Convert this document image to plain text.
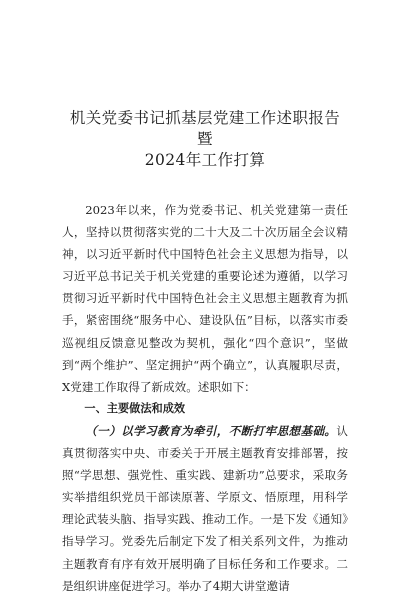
机关党委书记抓基层党建工作述职报告暨
2024年工作打算

2023年以来，作为党委书记、机关党建第一责任人，坚持以贯彻落实党的二十大及二十次历届全会议精神，以习近平新时代中国特色社会主义思想为指导，以习近平总书记关于机关党建的重要论述为遵循，以学习贯彻习近平新时代中国特色社会主义思想主题教育为抓手，紧密围绕“服务中心、建设队伍”目标，以落实市委巡视组反馈意见整改为契机，强化“四个意识”，坚做到“两个维护”、坚定拥护“两个确立”，认真履职尽责，X党建工作取得了新成效。述职如下：

一、主要做法和成效

（一）以学习教育为牵引，不断打牢思想基础。认真贯彻落实中央、市委关于开展主题教育安排部署，按照“学思想、强党性、重实践、建新功”总要求，采取务实举措组织党员干部读原著、学原文、悟原理，用科学理论武装头脑、指导实践、推动工作。一是下发《通知》指导学习。党委先后制定下发了相关系列文件，为推动主题教育有序有效开展明确了目标任务和工作要求。二是组织讲座促进学习。举办了4期大讲堂邀请
